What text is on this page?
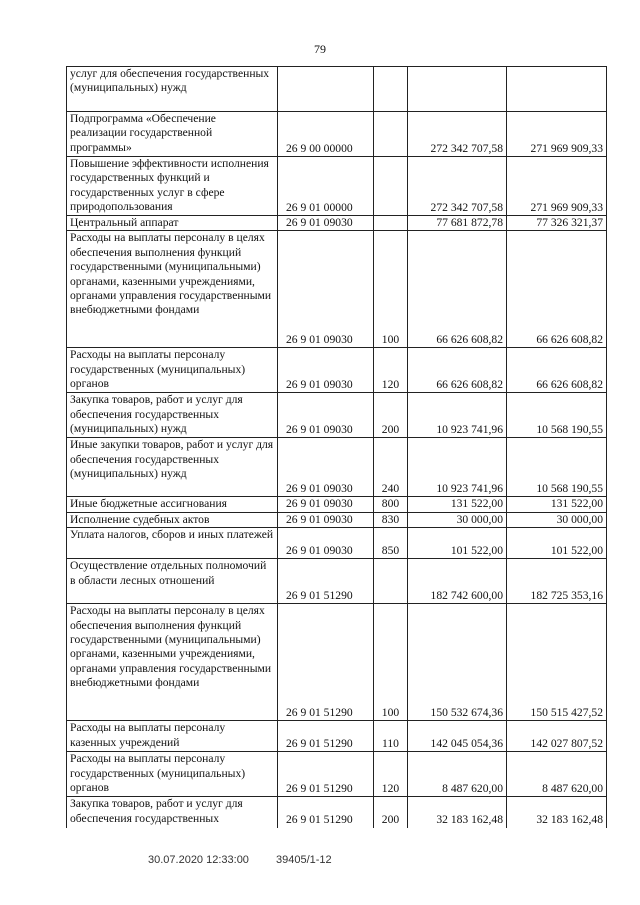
79
услуг для обеспечения государственных (муниципальных) нужд				
Подпрограмма «Обеспечение реализации государственной программы»	26 9 00 00000		272 342 707,58	271 969 909,33
Повышение эффективности исполнения государственных функций и государственных услуг в сфере природопользования	26 9 01 00000		272 342 707,58	271 969 909,33
Центральный аппарат	26 9 01 09030		77 681 872,78	77 326 321,37
Расходы на выплаты персоналу в целях обеспечения выполнения функций государственными (муниципальными) органами, казенными учреждениями, органами управления государственными внебюджетными фондами	26 9 01 09030	100	66 626 608,82	66 626 608,82
Расходы на выплаты персоналу государственных (муниципальных) органов	26 9 01 09030	120	66 626 608,82	66 626 608,82
Закупка товаров, работ и услуг для обеспечения государственных (муниципальных) нужд	26 9 01 09030	200	10 923 741,96	10 568 190,55
Иные закупки товаров, работ и услуг для обеспечения государственных (муниципальных) нужд	26 9 01 09030	240	10 923 741,96	10 568 190,55
Иные бюджетные ассигнования	26 9 01 09030	800	131 522,00	131 522,00
Исполнение судебных актов	26 9 01 09030	830	30 000,00	30 000,00
Уплата налогов, сборов и иных платежей	26 9 01 09030	850	101 522,00	101 522,00
Осуществление отдельных полномочий в области лесных отношений	26 9 01 51290		182 742 600,00	182 725 353,16
Расходы на выплаты персоналу в целях обеспечения выполнения функций государственными (муниципальными) органами, казенными учреждениями, органами управления государственными внебюджетными фондами	26 9 01 51290	100	150 532 674,36	150 515 427,52
Расходы на выплаты персоналу казенных учреждений	26 9 01 51290	110	142 045 054,36	142 027 807,52
Расходы на выплаты персоналу государственных (муниципальных) органов	26 9 01 51290	120	8 487 620,00	8 487 620,00
Закупка товаров, работ и услуг для обеспечения государственных	26 9 01 51290	200	32 183 162,48	32 183 162,48
30.07.2020 12:33:00 39405/1-12
